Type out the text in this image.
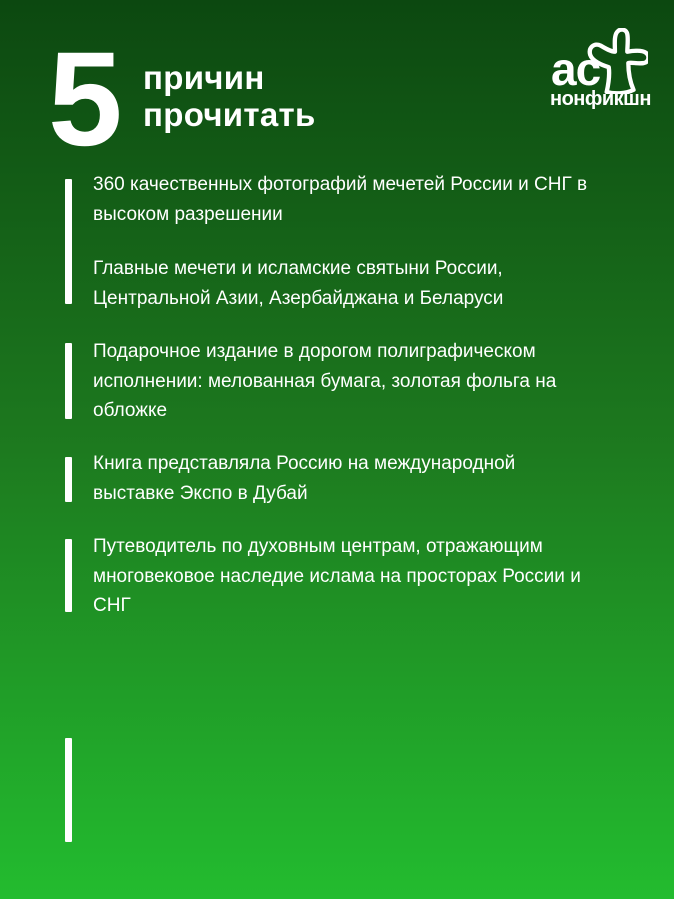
5 причин
прочитать
ас
нонфикшн
360 качественных фотографий мечетей России и СНГ в
высоком разрешении
Главные мечети и исламские святыни России,
Центральной Азии, Азербайджана и Беларуси
Подарочное издание в дорогом полиграфическом
исполнении: мелованная бумага, золотая фольга на
обложке
Книга представляла Россию на международной
выставке Экспо в Дубай
Путеводитель по духовным центрам, отражающим
многовековое наследие ислама на просторах России и
СНГ
